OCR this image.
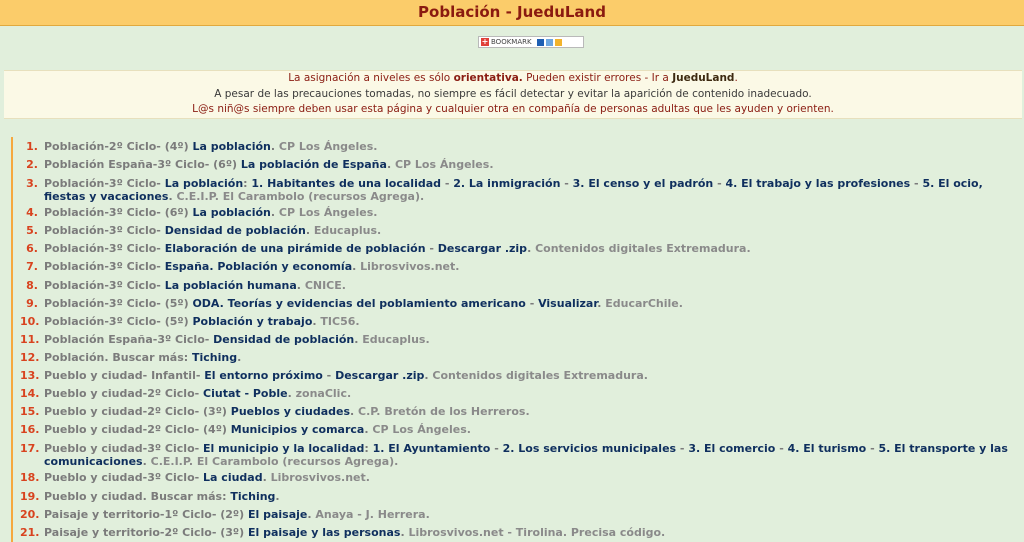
Población - JueduLand
+ BOOKMARK
La asignación a niveles es sólo orientativa. Pueden existir errores - Ir a JueduLand.
A pesar de las precauciones tomadas, no siempre es fácil detectar y evitar la aparición de contenido inadecuado.
L@s niñ@s siempre deben usar esta página y cualquier otra en compañía de personas adultas que les ayuden y orienten.
1. Población-2º Ciclo- (4º) La población. CP Los Ángeles.
2. Población España-3º Ciclo- (6º) La población de España. CP Los Ángeles.
3. Población-3º Ciclo- La población: 1. Habitantes de una localidad - 2. La inmigración - 3. El censo y el padrón - 4. El trabajo y las profesiones - 5. El ocio, fiestas y vacaciones. C.E.I.P. El Carambolo (recursos Agrega).
4. Población-3º Ciclo- (6º) La población. CP Los Ángeles.
5. Población-3º Ciclo- Densidad de población. Educaplus.
6. Población-3º Ciclo- Elaboración de una pirámide de población - Descargar .zip. Contenidos digitales Extremadura.
7. Población-3º Ciclo- España. Población y economía. Librosvivos.net.
8. Población-3º Ciclo- La población humana. CNICE.
9. Población-3º Ciclo- (5º) ODA. Teorías y evidencias del poblamiento americano - Visualizar. EducarChile.
10. Población-3º Ciclo- (5º) Población y trabajo. TIC56.
11. Población España-3º Ciclo- Densidad de población. Educaplus.
12. Población. Buscar más: Tiching.
13. Pueblo y ciudad- Infantil- El entorno próximo - Descargar .zip. Contenidos digitales Extremadura.
14. Pueblo y ciudad-2º Ciclo- Ciutat - Poble. zonaClic.
15. Pueblo y ciudad-2º Ciclo- (3º) Pueblos y ciudades. C.P. Bretón de los Herreros.
16. Pueblo y ciudad-2º Ciclo- (4º) Municipios y comarca. CP Los Ángeles.
17. Pueblo y ciudad-3º Ciclo- El municipio y la localidad: 1. El Ayuntamiento - 2. Los servicios municipales - 3. El comercio - 4. El turismo - 5. El transporte y las comunicaciones. C.E.I.P. El Carambolo (recursos Agrega).
18. Pueblo y ciudad-3º Ciclo- La ciudad. Librosvivos.net.
19. Pueblo y ciudad. Buscar más: Tiching.
20. Paisaje y territorio-1º Ciclo- (2º) El paisaje. Anaya - J. Herrera.
21. Paisaje y territorio-2º Ciclo- (3º) El paisaje y las personas. Librosvivos.net - Tirolina. Precisa código.
